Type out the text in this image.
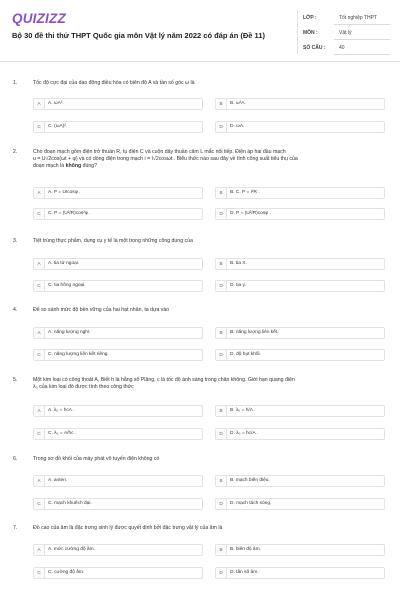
QUIZIZZ
Bộ 30 đề thi thử THPT Quốc gia môn Vật lý năm 2022 có đáp án (Đề 11)
LỚP :	Tốt nghiệp THPT
MÔN :	Vật lý
SỐ CÂU :	40
1.	Tốc độ cực đại của dao động điều hòa có biên độ A và tần số góc ω là
A	A. ωA².	B	B. ω²A.
C	C. (ωA)².	D	D. ωA.
2.	Cho đoạn mạch gồm điện trở thuần R, tụ điện C và cuộn dây thuần cảm L mắc nối tiếp. Điện áp hai đầu mạch
u = U√2cos(ωt + φ) và có dòng điện trong mạch i = I√2cosωt . Biểu thức nào sau đây về tính công suất tiêu thụ của
đoạn mạch là không đúng?
A	A. P = UIcosφ .	B	B. C. P = I²R .
C	C. P = (U²/R)cos²φ .	D	D. P = (U²/R)cosφ .
3.	Tiệt trùng thực phẩm, dụng cụ y tế là một trong những công dụng của
A	A. tia tử ngoại.	B	B. tia X.
C	C. tia hồng ngoại.	D	D. tia γ.
4.	Để so sánh mức độ bền vững của hai hạt nhân, ta dựa vào
A	A. năng lượng nghỉ.	B	B. năng lượng liên kết.
C	C. năng lượng liên kết riêng.	D	D. độ hụt khối.
5.	Một kim loại có công thoát A, Biết h là hằng số Plăng, c là tốc độ ánh sáng trong chân không. Giới hạn quang điện
λ₀ của kim loại đó được tính theo công thức
A	A. λ₀ = hcA .	B	B. λ₀ = h/A .
C	C. λ₀ = A/hc .	D	D. λ₀ = hc/A .
6.	Trong sơ đồ khối của máy phát vô tuyến điện không có
A	A. anten.	B	B. mạch biến điệu.
C	C. mạch khuếch đại.	D	D. mạch tách sóng.
7.	Đồ cao của âm là đặc trưng sinh lý được quyết định bởi đặc trưng vật lý của âm là
A	A. mức cường độ âm.	B	B. biên độ âm.
C	C. cường độ âm.	D	D. tần số âm.
